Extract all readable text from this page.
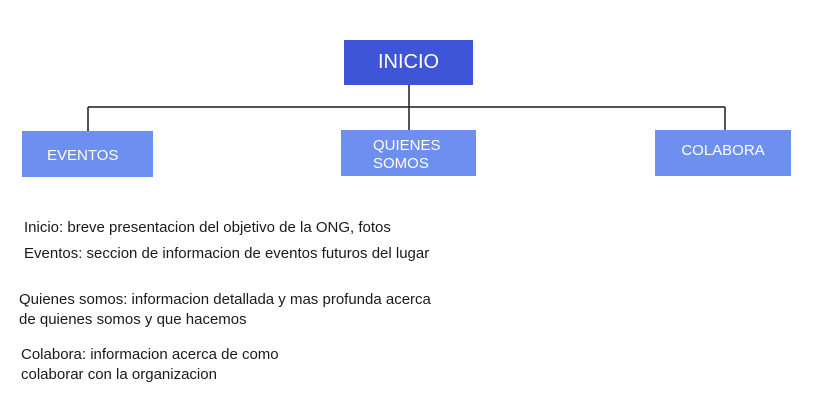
INICIO
EVENTOS
QUIENES
SOMOS
COLABORA
Inicio: breve presentacion del objetivo de la ONG, fotos
Eventos: seccion de informacion de eventos futuros del lugar
Quienes somos: informacion detallada y mas profunda acerca de quienes somos y que hacemos
Colabora: informacion acerca de como colaborar con la organizacion
